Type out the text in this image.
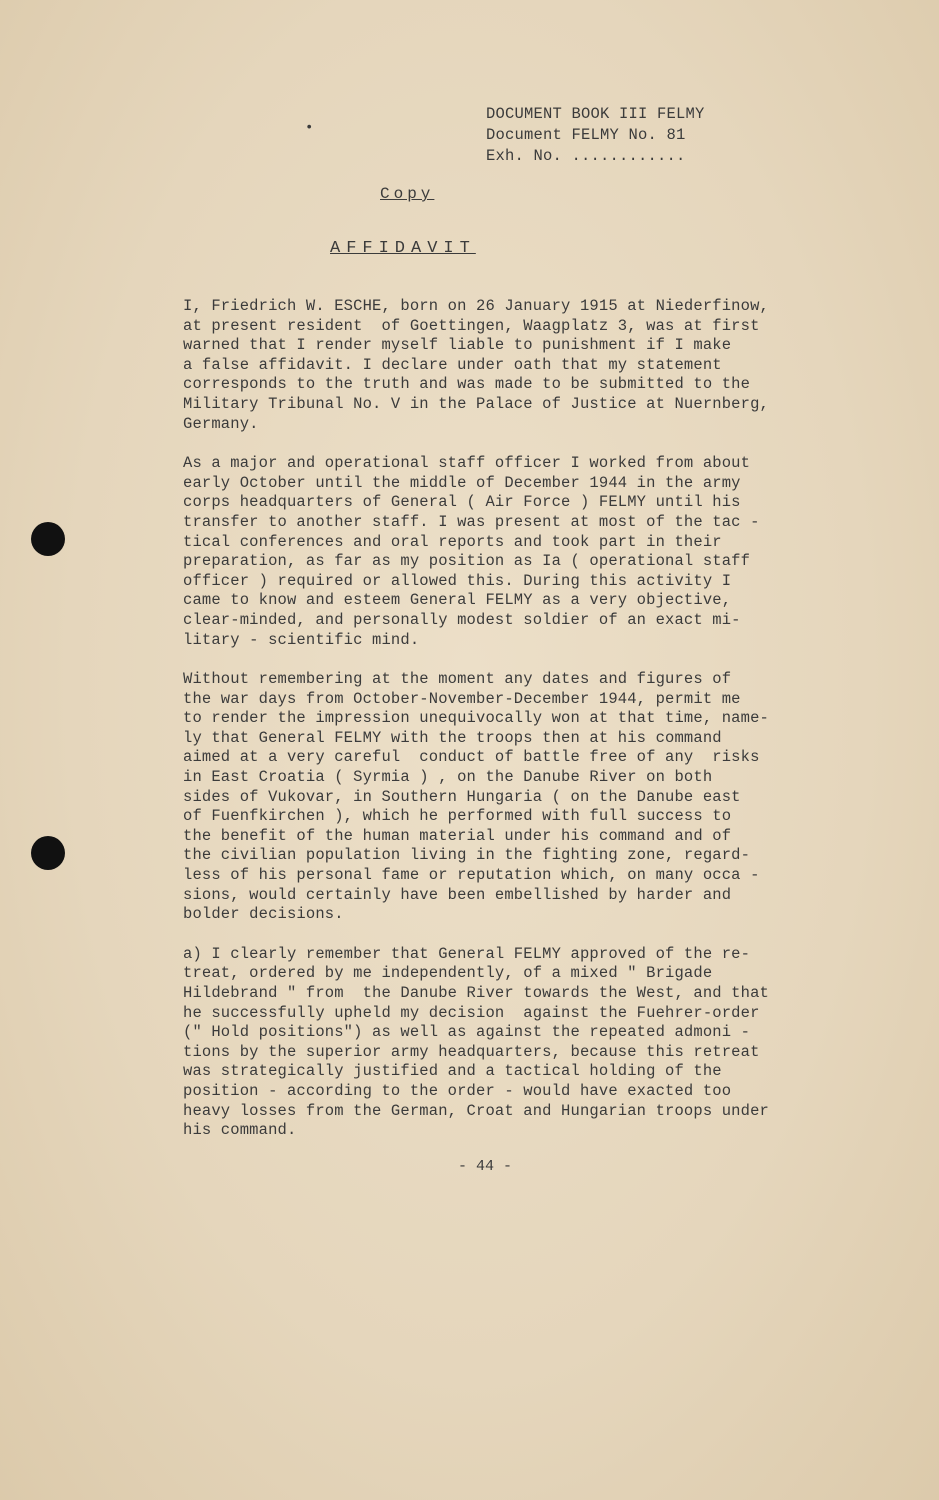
•
DOCUMENT BOOK III FELMY
Document FELMY No. 81
Exh. No. ............
Copy
AFFIDAVIT

I, Friedrich W. ESCHE, born on 26 January 1915 at Niederfinow,
at present resident  of Goettingen, Waagplatz 3, was at first
warned that I render myself liable to punishment if I make
a false affidavit. I declare under oath that my statement
corresponds to the truth and was made to be submitted to the
Military Tribunal No. V in the Palace of Justice at Nuernberg,
Germany.

As a major and operational staff officer I worked from about
early October until the middle of December 1944 in the army
corps headquarters of General ( Air Force ) FELMY until his
transfer to another staff. I was present at most of the tac -
tical conferences and oral reports and took part in their
preparation, as far as my position as Ia ( operational staff
officer ) required or allowed this. During this activity I
came to know and esteem General FELMY as a very objective,
clear-minded, and personally modest soldier of an exact mi-
litary - scientific mind.

Without remembering at the moment any dates and figures of
the war days from October-November-December 1944, permit me
to render the impression unequivocally won at that time, name-
ly that General FELMY with the troops then at his command
aimed at a very careful  conduct of battle free of any  risks
in East Croatia ( Syrmia ) , on the Danube River on both
sides of Vukovar, in Southern Hungaria ( on the Danube east
of Fuenfkirchen ), which he performed with full success to
the benefit of the human material under his command and of
the civilian population living in the fighting zone, regard-
less of his personal fame or reputation which, on many occa -
sions, would certainly have been embellished by harder and
bolder decisions.

a) I clearly remember that General FELMY approved of the re-
treat, ordered by me independently, of a mixed " Brigade
Hildebrand " from  the Danube River towards the West, and that
he successfully upheld my decision  against the Fuehrer-order
(" Hold positions") as well as against the repeated admoni -
tions by the superior army headquarters, because this retreat
was strategically justified and a tactical holding of the
position - according to the order - would have exacted too
heavy losses from the German, Croat and Hungarian troops under
his command.

- 44 -
